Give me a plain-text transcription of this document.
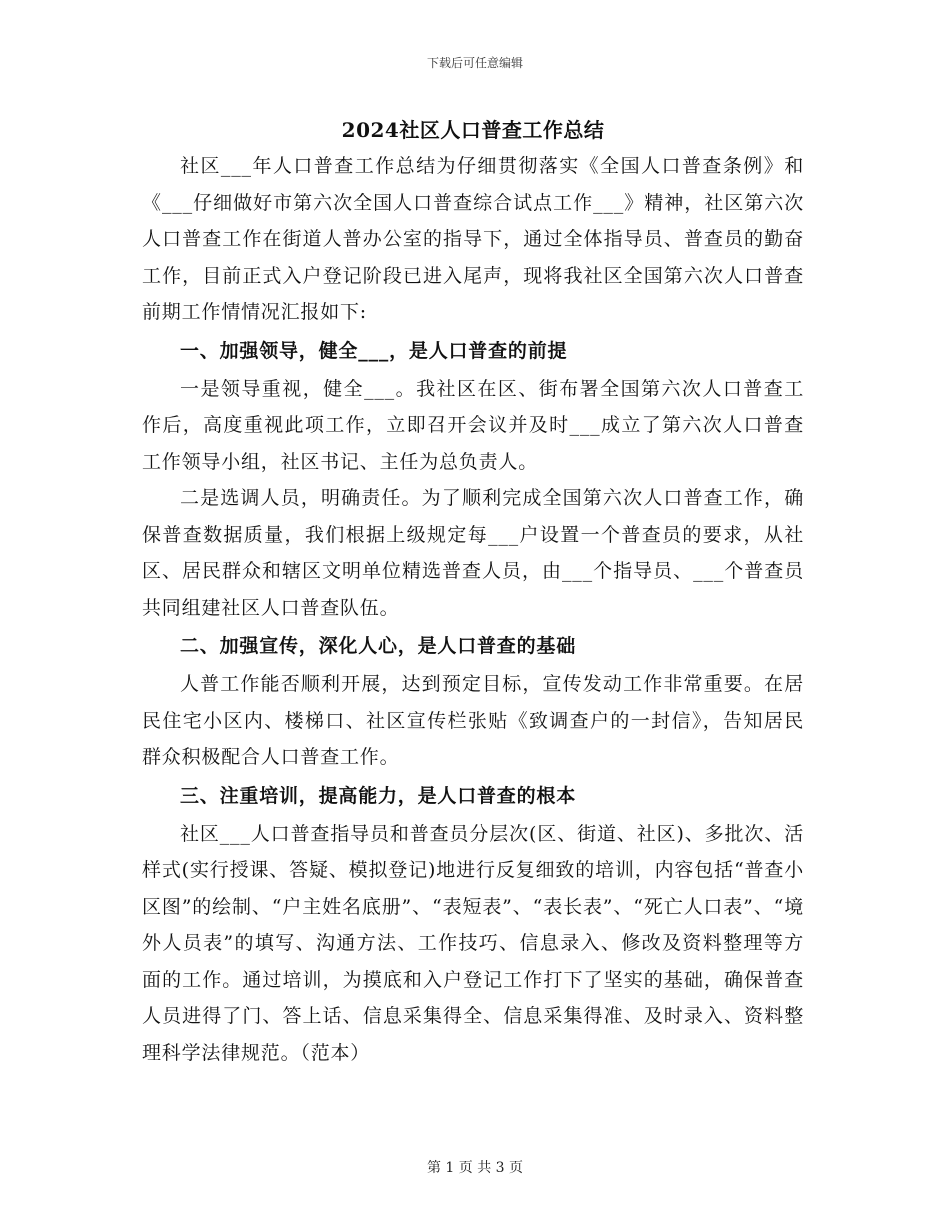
下载后可任意编辑
2024社区人口普查工作总结

社区___年人口普查工作总结为仔细贯彻落实《全国人口普查条例》和《___仔细做好市第六次全国人口普查综合试点工作___》精神，社区第六次人口普查工作在街道人普办公室的指导下，通过全体指导员、普查员的勤奋工作，目前正式入户登记阶段已进入尾声，现将我社区全国第六次人口普查前期工作情情况汇报如下:

一、加强领导，健全___，是人口普查的前提

一是领导重视，健全___。我社区在区、街布署全国第六次人口普查工作后，高度重视此项工作，立即召开会议并及时___成立了第六次人口普查工作领导小组，社区书记、主任为总负责人。

二是选调人员，明确责任。为了顺利完成全国第六次人口普查工作，确保普查数据质量，我们根据上级规定每___户设置一个普查员的要求，从社区、居民群众和辖区文明单位精选普查人员，由___个指导员、___个普查员共同组建社区人口普查队伍。

二、加强宣传，深化人心，是人口普查的基础

人普工作能否顺利开展，达到预定目标，宣传发动工作非常重要。在居民住宅小区内、楼梯口、社区宣传栏张贴《致调查户的一封信》，告知居民群众积极配合人口普查工作。

三、注重培训，提高能力，是人口普查的根本

社区___人口普查指导员和普查员分层次(区、街道、社区)、多批次、活样式(实行授课、答疑、模拟登记)地进行反复细致的培训，内容包括“普查小区图”的绘制、“户主姓名底册”、“表短表”、“表长表”、“死亡人口表”、“境外人员表”的填写、沟通方法、工作技巧、信息录入、修改及资料整理等方面的工作。通过培训，为摸底和入户登记工作打下了坚实的基础，确保普查人员进得了门、答上话、信息采集得全、信息采集得准、及时录入、资料整理科学法律规范。（范本）

第 1 页 共 3 页
